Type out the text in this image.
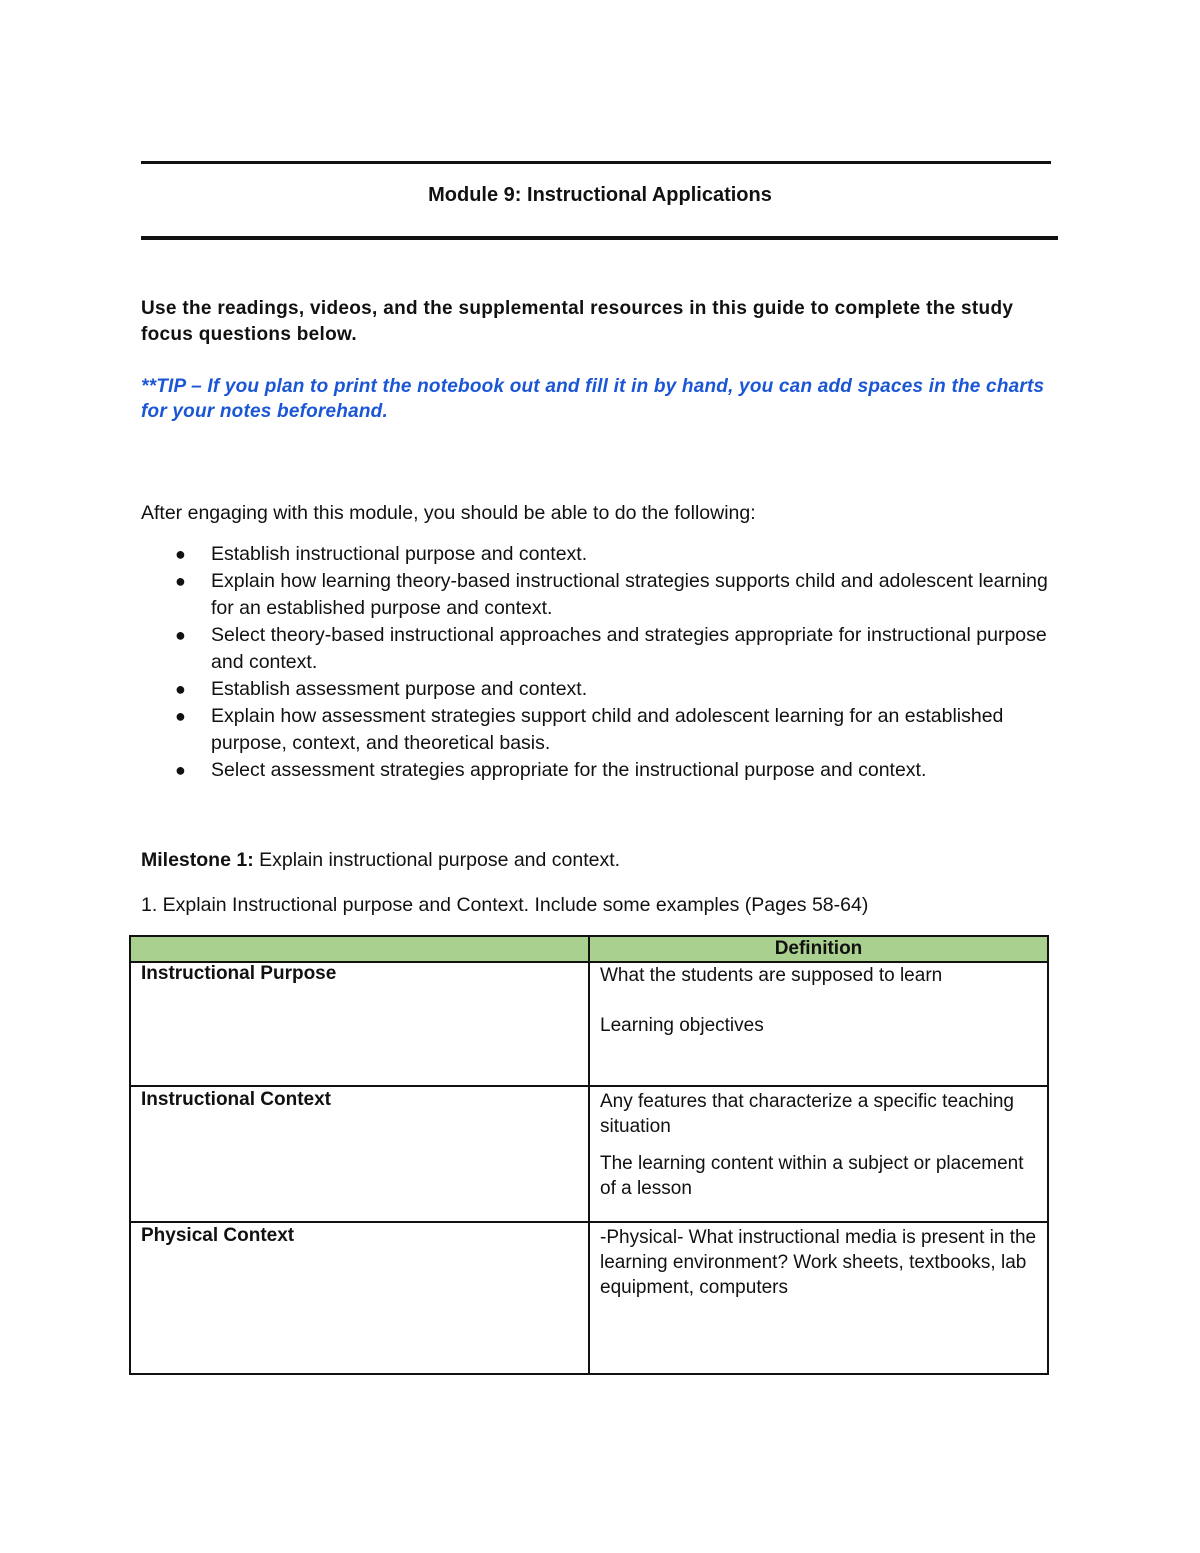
Module 9: Instructional Applications
Use the readings, videos, and the supplemental resources in this guide to complete the study focus questions below.
**TIP – If you plan to print the notebook out and fill it in by hand, you can add spaces in the charts for your notes beforehand.
After engaging with this module, you should be able to do the following:
● Establish instructional purpose and context.
● Explain how learning theory-based instructional strategies supports child and adolescent learning for an established purpose and context.
● Select theory-based instructional approaches and strategies appropriate for instructional purpose and context.
● Establish assessment purpose and context.
● Explain how assessment strategies support child and adolescent learning for an established purpose, context, and theoretical basis.
● Select assessment strategies appropriate for the instructional purpose and context.
Milestone 1: Explain instructional purpose and context.
1. Explain Instructional purpose and Context. Include some examples (Pages 58-64)
	Definition
Instructional Purpose	What the students are supposed to learn
Learning objectives

Instructional Context	Any features that characterize a specific teaching situation
The learning content within a subject or placement of a lesson

Physical Context	-Physical- What instructional media is present in the learning environment? Work sheets, textbooks, lab equipment, computers
